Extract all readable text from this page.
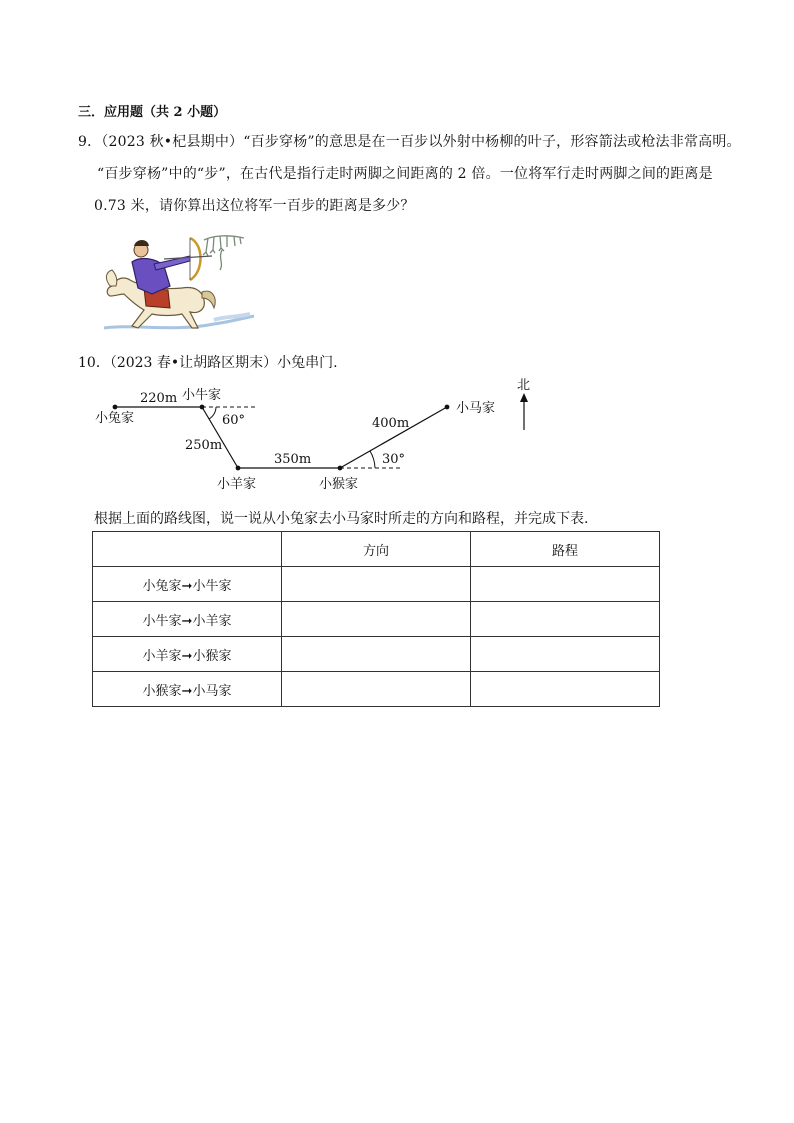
三．应用题（共 2 小题）
9．（2023 秋•杞县期中）“百步穿杨”的意思是在一百步以外射中杨柳的叶子，形容箭法或枪法非常高明。
“百步穿杨”中的“步”，在古代是指行走时两脚之间距离的 2 倍。一位将军行走时两脚之间的距离是
0.73 米，请你算出这位将军一百步的距离是多少？
10．（2023 春•让胡路区期末）小兔串门.
小兔家
小牛家
小羊家	小猴家
小马家
北
220m
250m
350m
400m
60°
30°
根据上面的路线图，说一说从小兔家去小马家时所走的方向和路程，并完成下表.
	方向	路程
小兔家➞小牛家		
小牛家➞小羊家		
小羊家➞小猴家		
小猴家➞小马家		
